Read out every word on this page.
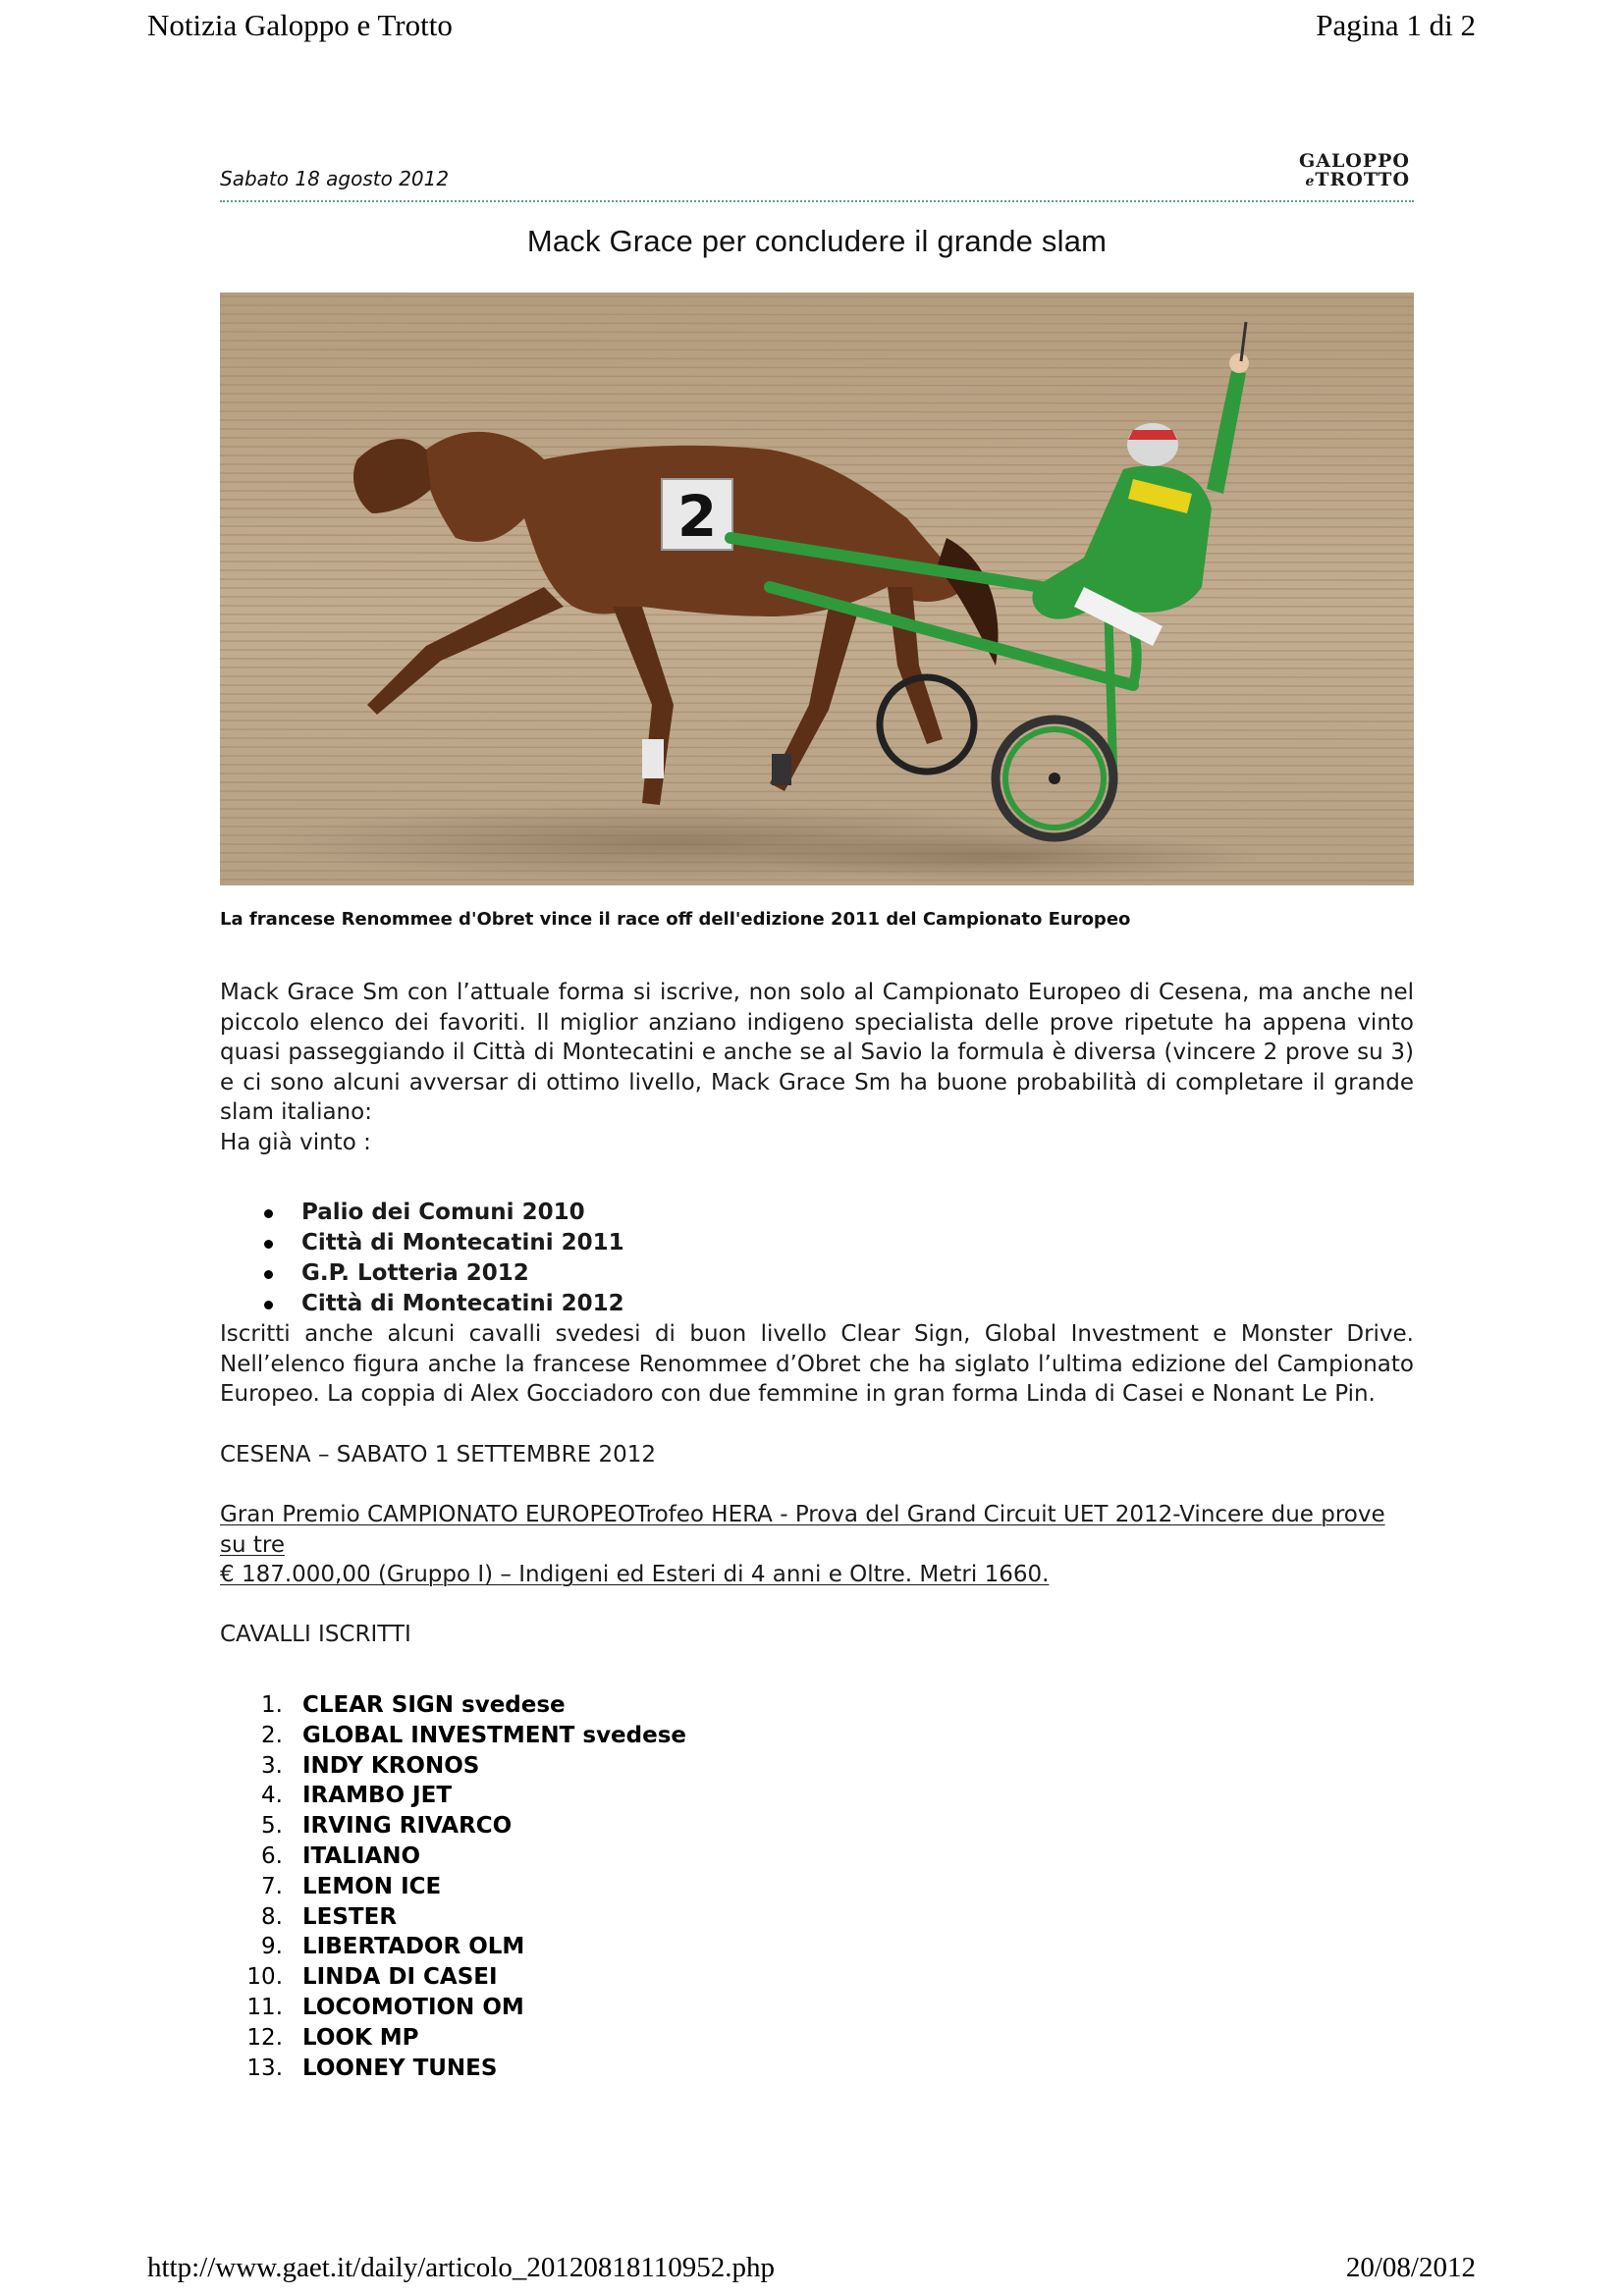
Notizia Galoppo e Trotto	Pagina 1 di 2
Sabato 18 agosto 2012
GALOPPO
eTROTTO
Mack Grace per concludere il grande slam
2
La francese Renommee d'Obret vince il race off dell'edizione 2011 del Campionato Europeo

Mack Grace Sm con l’attuale forma si iscrive, non solo al Campionato Europeo di Cesena, ma anche nel piccolo elenco dei favoriti. Il miglior anziano indigeno specialista delle prove ripetute ha appena vinto quasi passeggiando il Città di Montecatini e anche se al Savio la formula è diversa (vincere 2 prove su 3) e ci sono alcuni avversar di ottimo livello, Mack Grace Sm ha buone probabilità di completare il grande slam italiano:

Ha già vinto :

Palio dei Comuni 2010
Città di Montecatini 2011
G.P. Lotteria 2012
Città di Montecatini 2012

Iscritti anche alcuni cavalli svedesi di buon livello Clear Sign, Global Investment e Monster Drive. Nell’elenco figura anche la francese Renommee d’Obret che ha siglato l’ultima edizione del Campionato Europeo. La coppia di Alex Gocciadoro con due femmine in gran forma Linda di Casei e Nonant Le Pin.

CESENA – SABATO 1 SETTEMBRE 2012
Gran Premio CAMPIONATO EUROPEOTrofeo HERA - Prova del Grand Circuit UET 2012-Vincere due prove su tre
€ 187.000,00 (Gruppo I) – Indigeni ed Esteri di 4 anni e Oltre. Metri 1660.
CAVALLI ISCRITTI
1. CLEAR SIGN svedese
2. GLOBAL INVESTMENT svedese
3. INDY KRONOS
4. IRAMBO JET
5. IRVING RIVARCO
6. ITALIANO
7. LEMON ICE
8. LESTER
9. LIBERTADOR OLM
10. LINDA DI CASEI
11. LOCOMOTION OM
12. LOOK MP
13. LOONEY TUNES
http://www.gaet.it/daily/articolo_20120818110952.php	20/08/2012
